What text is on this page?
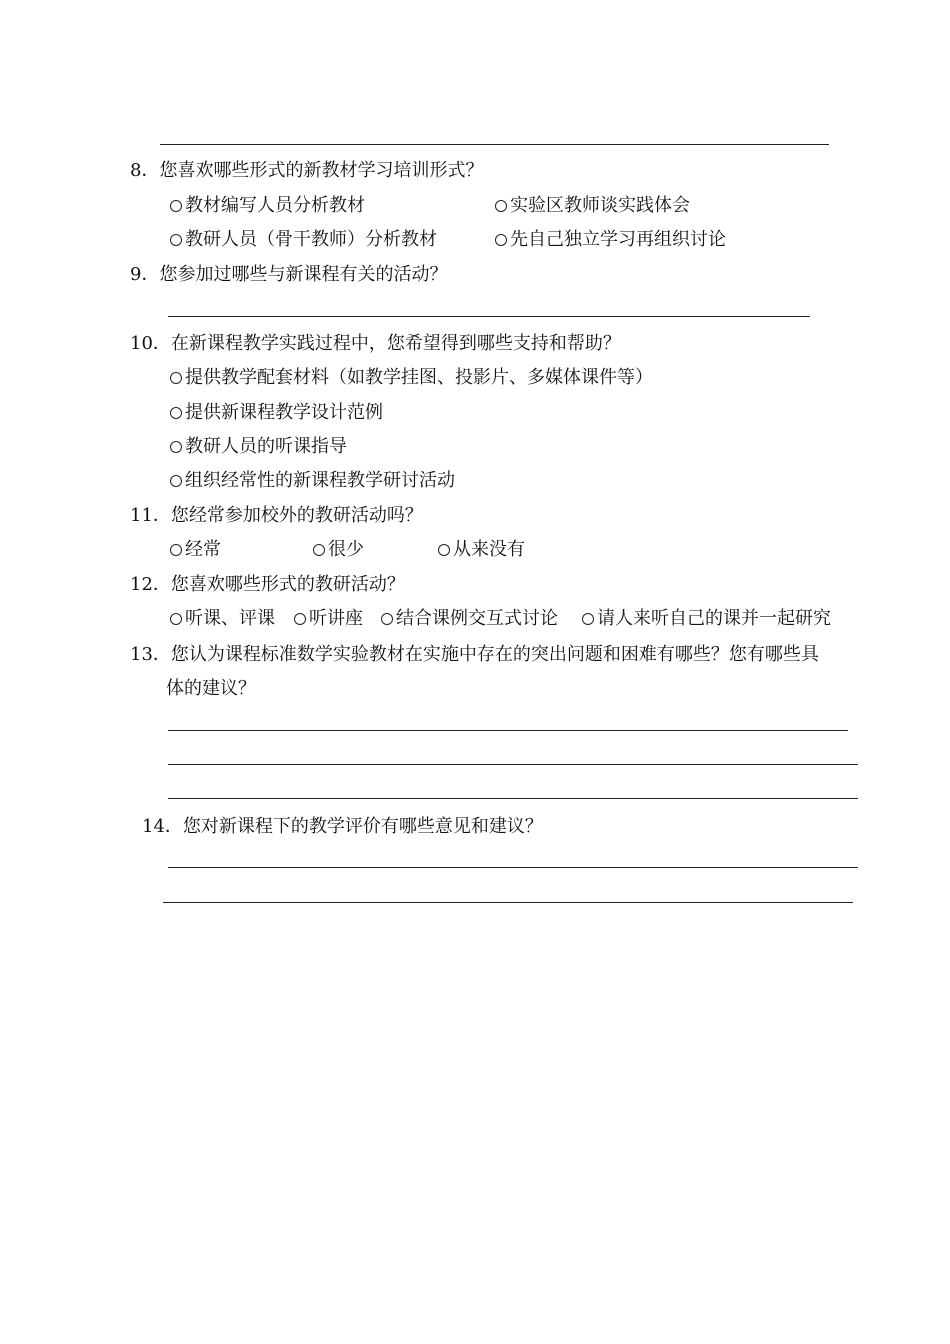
8．您喜欢哪些形式的新教材学习培训形式？
教材编写人员分析教材	实验区教师谈实践体会
教研人员（骨干教师）分析教材	先自己独立学习再组织讨论
9．您参加过哪些与新课程有关的活动？
10．在新课程教学实践过程中，您希望得到哪些支持和帮助？
提供教学配套材料（如教学挂图、投影片、多媒体课件等）
提供新课程教学设计范例
教研人员的听课指导
组织经常性的新课程教学研讨活动
11．您经常参加校外的教研活动吗？
经常	很少	从来没有
12．您喜欢哪些形式的教研活动？
听课、评课 听讲座 结合课例交互式讨论 请人来听自己的课并一起研究
13．您认为课程标准数学实验教材在实施中存在的突出问题和困难有哪些？您有哪些具
体的建议？
14．您对新课程下的教学评价有哪些意见和建议？
